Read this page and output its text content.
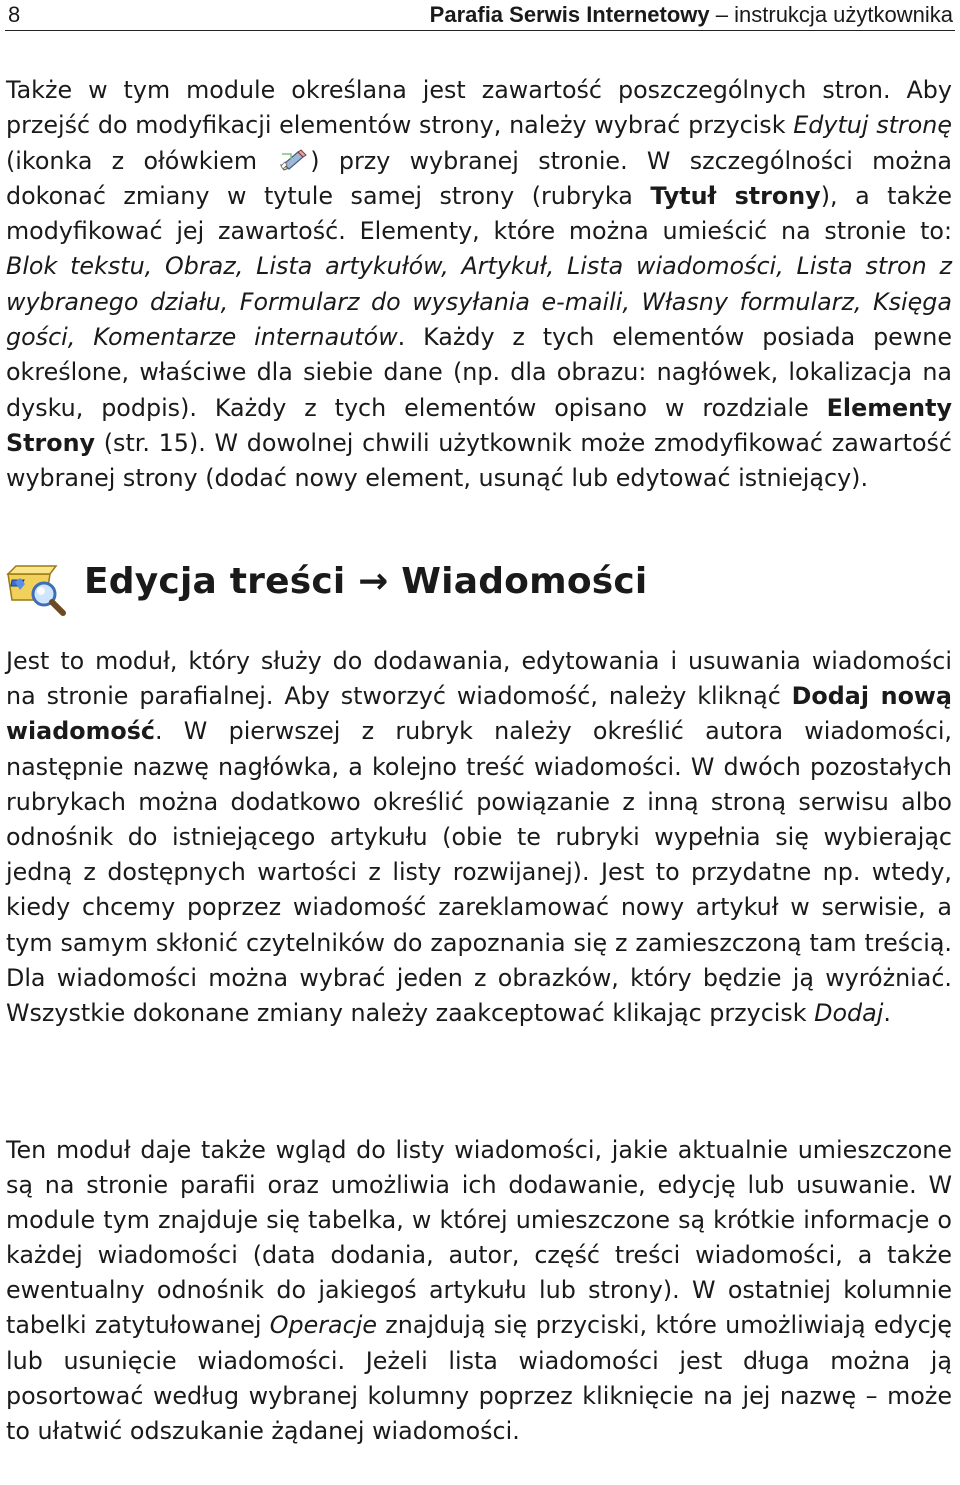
8	Parafia Serwis Internetowy – instrukcja użytkownika

Także w tym module określana jest zawartość poszczególnych stron. Aby przejść do modyfikacji elementów strony, należy wybrać przycisk Edytuj stronę (ikonka z ołówkiem ) przy wybranej stronie. W szczególności można dokonać zmiany w tytule samej strony (rubryka Tytuł strony), a także modyfikować jej zawartość. Elementy, które można umieścić na stronie to: Blok tekstu, Obraz, Lista artykułów, Artykuł, Lista wiadomości, Lista stron z wybranego działu, Formularz do wysyłania e-maili, Własny formularz, Księga gości, Komentarze internautów. Każdy z tych elementów posiada pewne określone, właściwe dla siebie dane (np. dla obrazu: nagłówek, lokalizacja na dysku, podpis). Każdy z tych elementów opisano w rozdziale Elementy Strony (str. 15). W dowolnej chwili użytkownik może zmodyfikować zawartość wybranej strony (dodać nowy element, usunąć lub edytować istniejący).

Edycja treści → Wiadomości

Jest to moduł, który służy do dodawania, edytowania i usuwania wiadomości na stronie parafialnej. Aby stworzyć wiadomość, należy kliknąć Dodaj nową wiadomość. W pierwszej z rubryk należy określić autora wiadomości, następnie nazwę nagłówka, a kolejno treść wiadomości. W dwóch pozostałych rubrykach można dodatkowo określić powiązanie z inną stroną serwisu albo odnośnik do istniejącego artykułu (obie te rubryki wypełnia się wybierając jedną z dostępnych wartości z listy rozwijanej). Jest to przydatne np. wtedy, kiedy chcemy poprzez wiadomość zareklamować nowy artykuł w serwisie, a tym samym skłonić czytelników do zapoznania się z zamieszczoną tam treścią. Dla wiadomości można wybrać jeden z obrazków, który będzie ją wyróżniać. Wszystkie dokonane zmiany należy zaakceptować klikając przycisk Dodaj.

Ten moduł daje także wgląd do listy wiadomości, jakie aktualnie umieszczone są na stronie parafii oraz umożliwia ich dodawanie, edycję lub usuwanie. W module tym znajduje się tabelka, w której umieszczone są krótkie informacje o każdej wiadomości (data dodania, autor, część treści wiadomości, a także ewentualny odnośnik do jakiegoś artykułu lub strony). W ostatniej kolumnie tabelki zatytułowanej Operacje znajdują się przyciski, które umożliwiają edycję lub usunięcie wiadomości. Jeżeli lista wiadomości jest długa można ją posortować według wybranej kolumny poprzez kliknięcie na jej nazwę – może to ułatwić odszukanie żądanej wiadomości.
